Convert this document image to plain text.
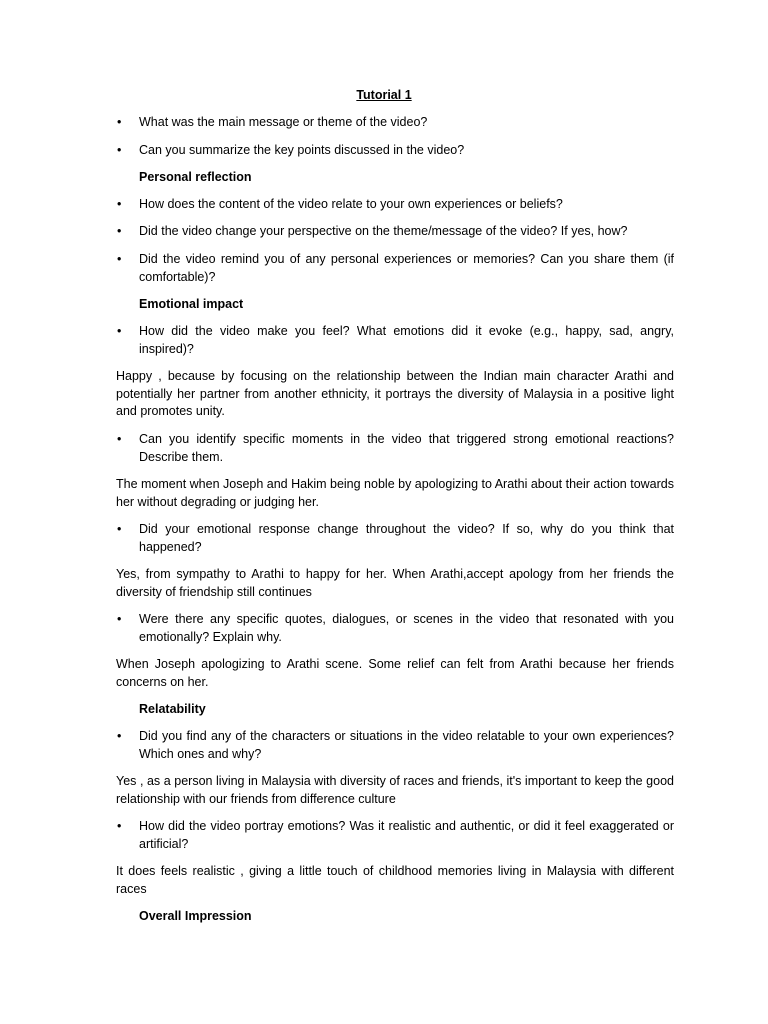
Tutorial 1

• What was the main message or theme of the video?

• Can you summarize the key points discussed in the video?

Personal reflection

• How does the content of the video relate to your own experiences or beliefs?

• Did the video change your perspective on the theme/message of the video? If yes, how?

• Did the video remind you of any personal experiences or memories? Can you share them (if comfortable)?

Emotional impact

• How did the video make you feel? What emotions did it evoke (e.g., happy, sad, angry, inspired)?

Happy , because by focusing on the relationship between the Indian main character Arathi and potentially her partner from another ethnicity, it portrays the diversity of Malaysia in a positive light and promotes unity.

• Can you identify specific moments in the video that triggered strong emotional reactions? Describe them.

The moment when Joseph and Hakim being noble by apologizing to Arathi about their action towards her without degrading or judging her.

• Did your emotional response change throughout the video? If so, why do you think that happened?

Yes, from sympathy to Arathi to happy for her. When Arathi,accept apology from her friends the diversity of friendship still continues

• Were there any specific quotes, dialogues, or scenes in the video that resonated with you emotionally? Explain why.

When Joseph apologizing to Arathi scene. Some relief can felt from Arathi because her friends concerns on her.

Relatability

• Did you find any of the characters or situations in the video relatable to your own experiences? Which ones and why?

Yes , as a person living in Malaysia with diversity of races and friends, it's important to keep the good relationship with our friends from difference culture

• How did the video portray emotions? Was it realistic and authentic, or did it feel exaggerated or artificial?

It does feels realistic , giving a little touch of childhood memories living in Malaysia with different races

Overall Impression
